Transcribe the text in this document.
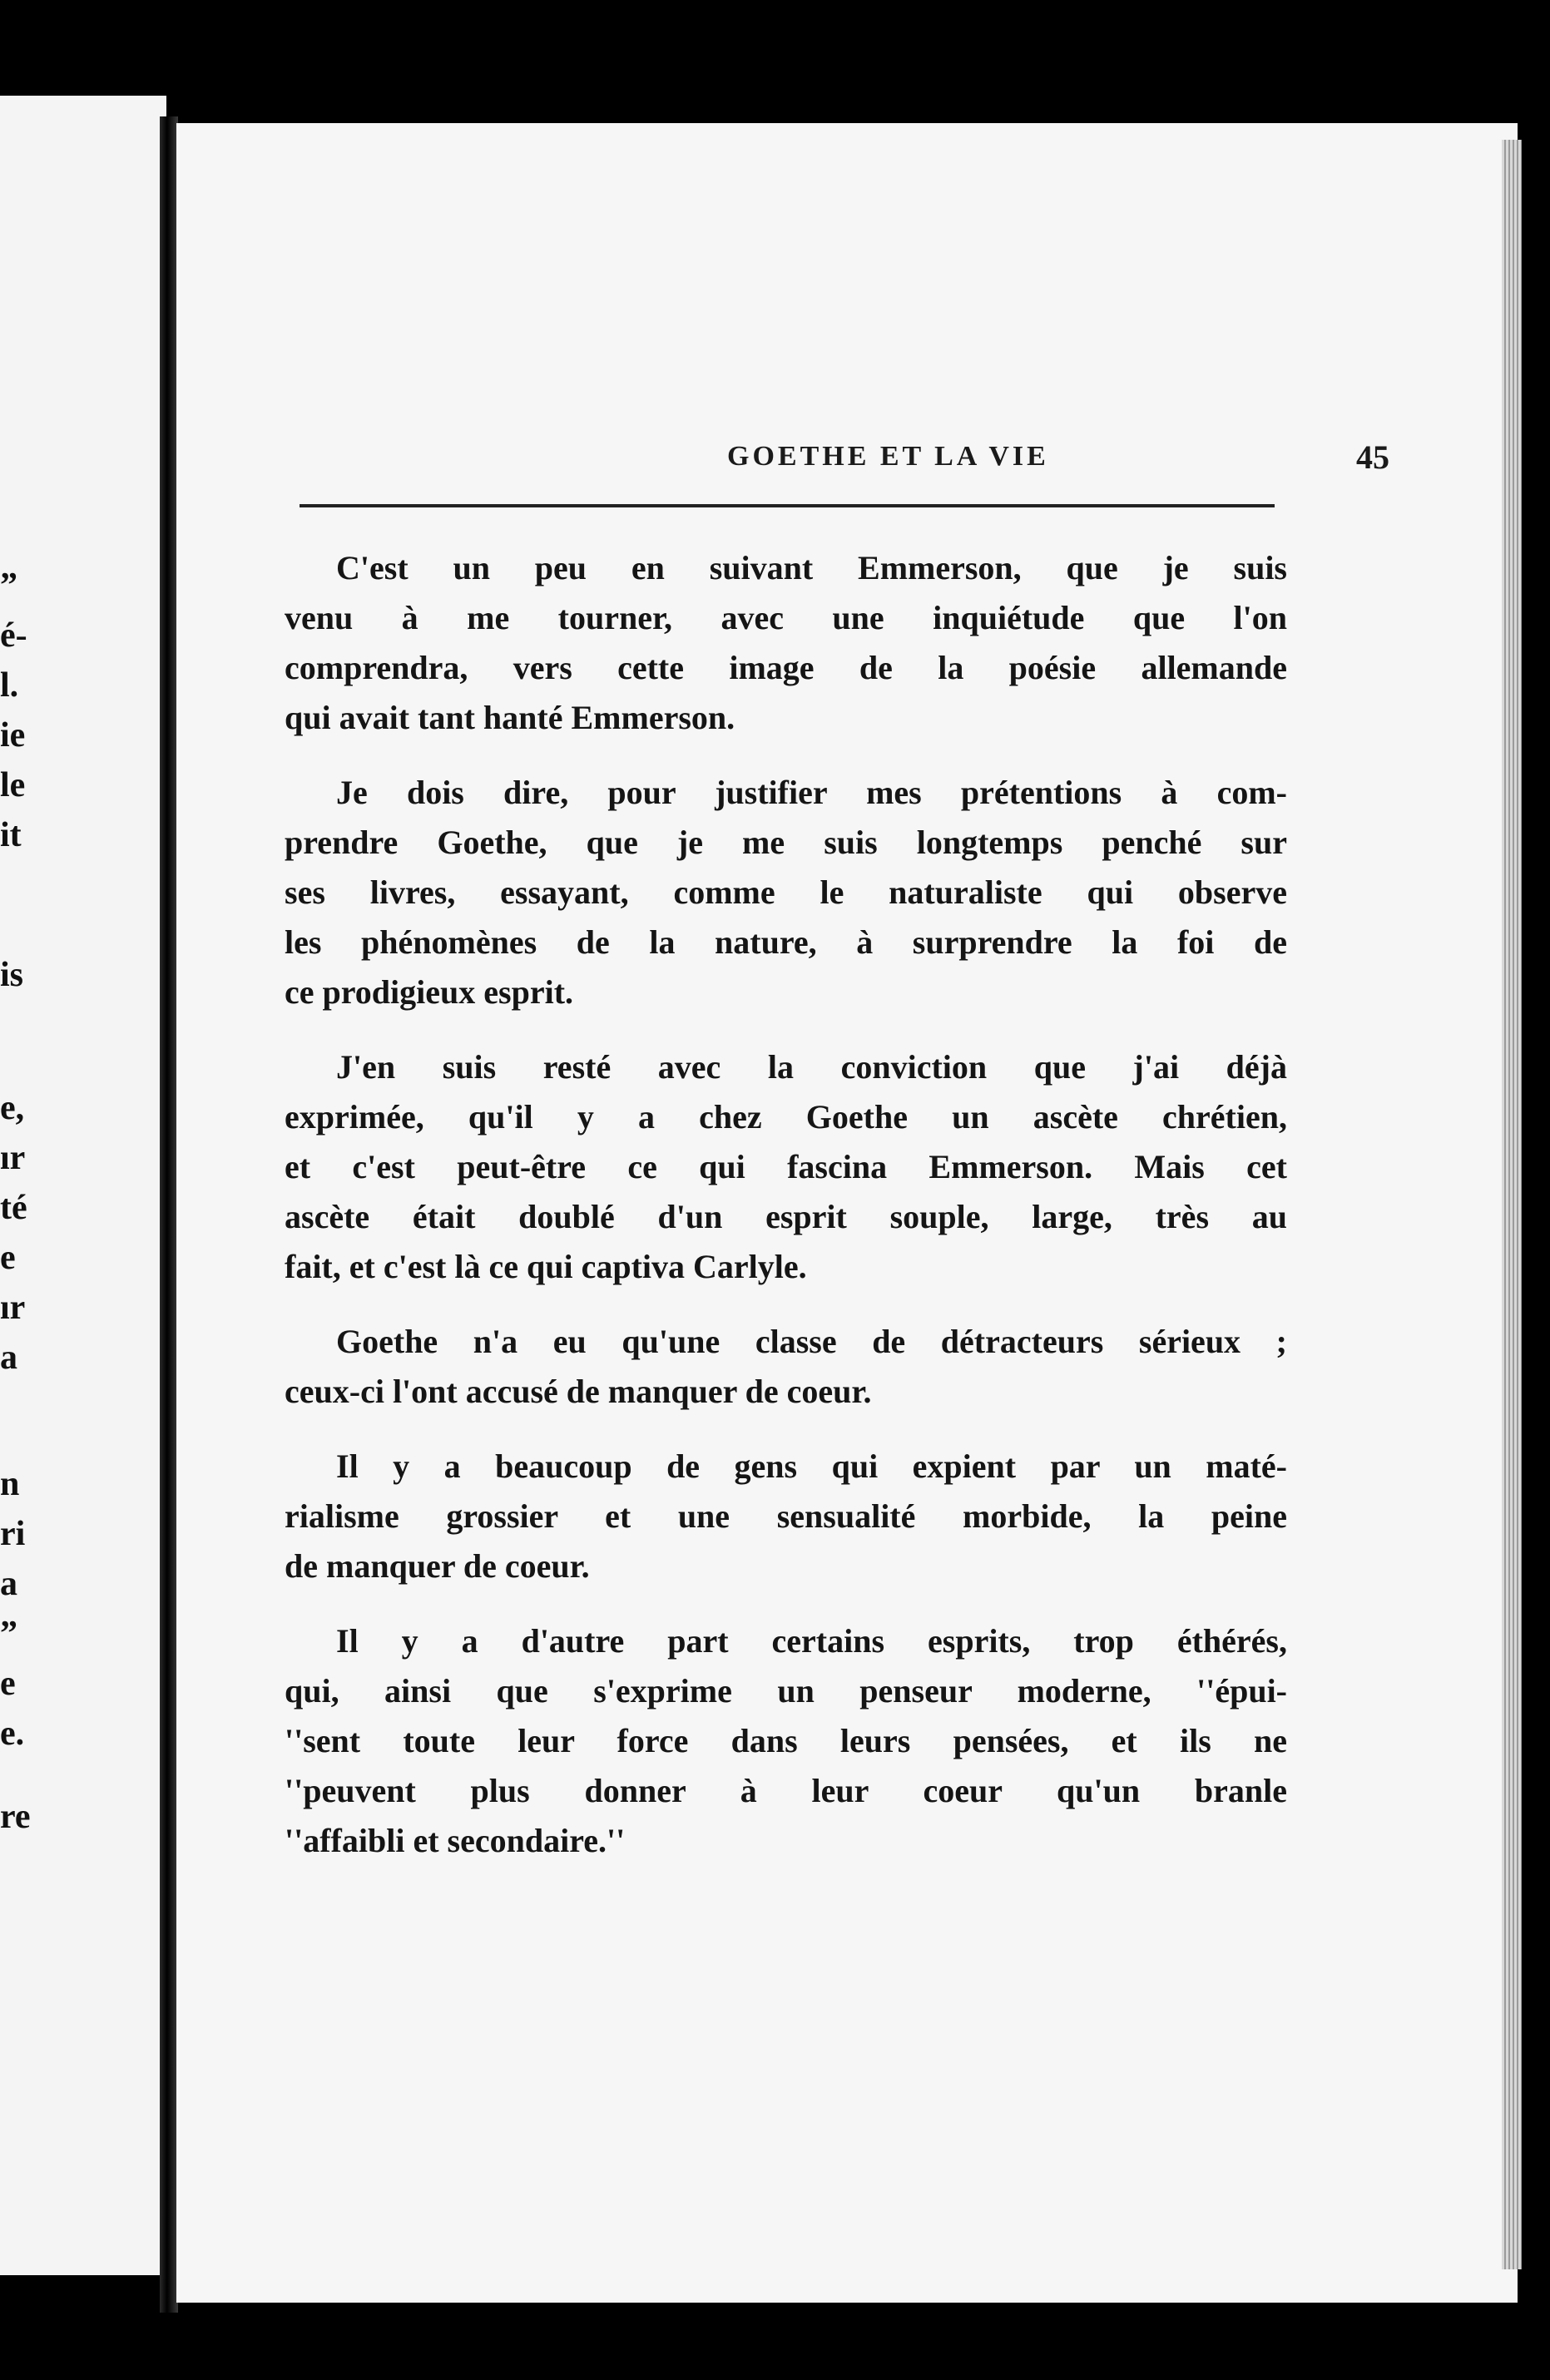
”
é-
l.
ie
le
it
is
e,
ır
té
e
ır
a
n
ri
a
”
e
e.
re
GOETHE ET LA VIE	45
C'est un peu en suivant Emmerson, que je suis
venu à me tourner, avec une inquiétude que l'on
comprendra, vers cette image de la poésie allemande
qui avait tant hanté Emmerson.
Je dois dire, pour justifier mes prétentions à com-
prendre Goethe, que je me suis longtemps penché sur
ses livres, essayant, comme le naturaliste qui observe
les phénomènes de la nature, à surprendre la foi de
ce prodigieux esprit.
J'en suis resté avec la conviction que j'ai déjà
exprimée, qu'il y a chez Goethe un ascète chrétien,
et c'est peut-être ce qui fascina Emmerson. Mais cet
ascète était doublé d'un esprit souple, large, très au
fait, et c'est là ce qui captiva Carlyle.
Goethe n'a eu qu'une classe de détracteurs sérieux ;
ceux-ci l'ont accusé de manquer de coeur.
Il y a beaucoup de gens qui expient par un maté-
rialisme grossier et une sensualité morbide, la peine
de manquer de coeur.
Il y a d'autre part certains esprits, trop éthérés,
qui, ainsi que s'exprime un penseur moderne, ''épui-
''sent toute leur force dans leurs pensées, et ils ne
''peuvent plus donner à leur coeur qu'un branle
''affaibli et secondaire.''
